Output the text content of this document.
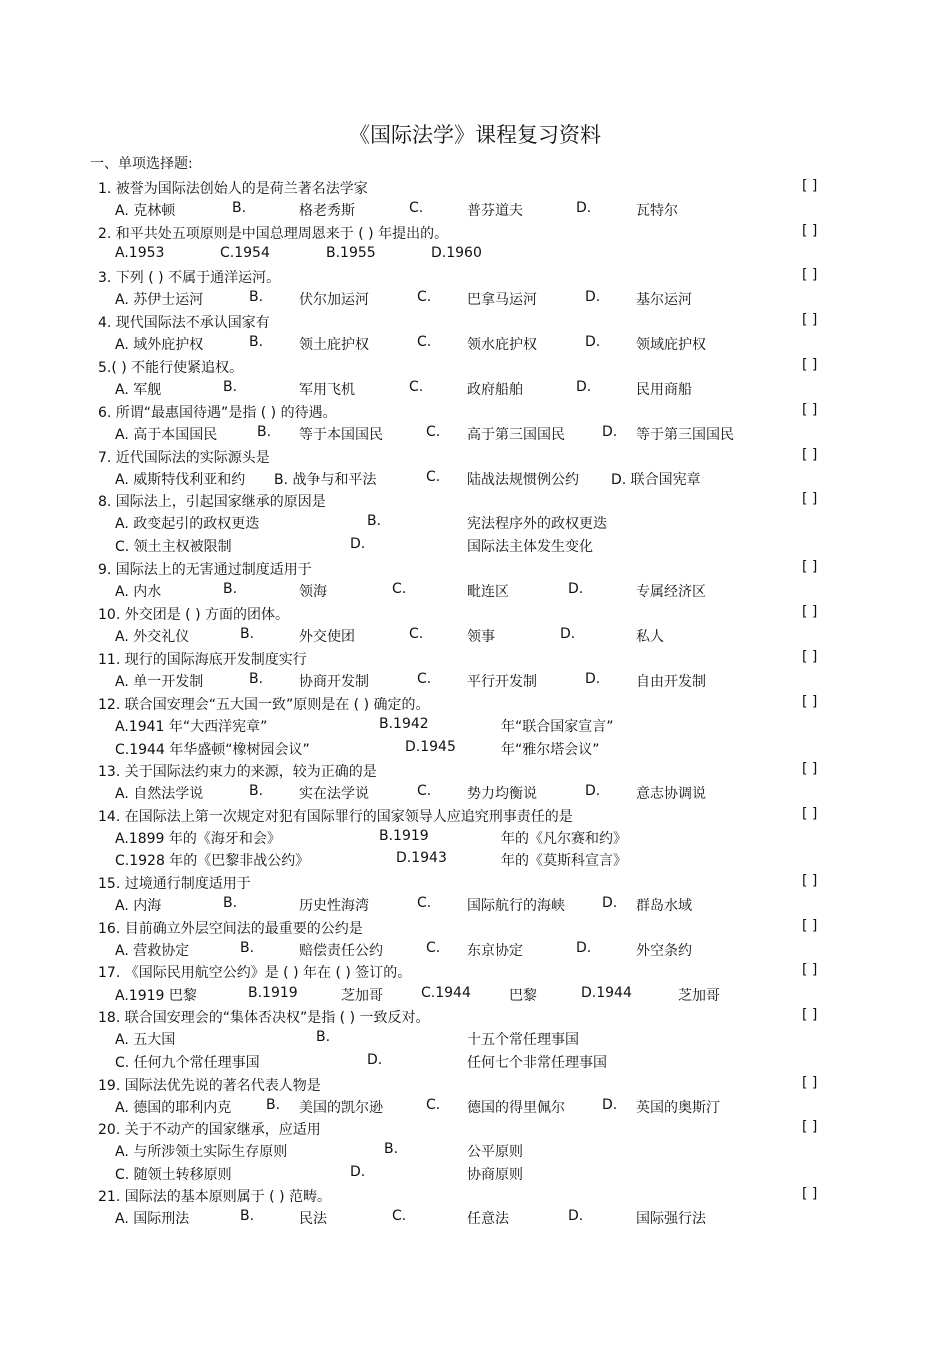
《国际法学》课程复习资料
一、单项选择题:
1. 被誉为国际法创始人的是荷兰著名法学家	[ ]
A. 克林顿	B.	格老秀斯	C.	普芬道夫	D.	瓦特尔
2. 和平共处五项原则是中国总理周恩来于 ( ) 年提出的。	[ ]
A.1953	C.1954	B.1955	D.1960
3. 下列 ( ) 不属于通洋运河。	[ ]
A. 苏伊士运河	B.	伏尔加运河	C.	巴拿马运河	D.	基尔运河
4. 现代国际法不承认国家有	[ ]
A. 域外庇护权	B.	领土庇护权	C.	领水庇护权	D.	领域庇护权
5.( ) 不能行使紧追权。	[ ]
A. 军舰	B.	军用飞机	C.	政府船舶	D.	民用商船
6. 所谓“最惠国待遇”是指 ( ) 的待遇。	[ ]
A. 高于本国国民	B. 等于本国国民	C. 高于第三国国民	D. 等于第三国国民
7. 近代国际法的实际源头是	[ ]
A. 威斯特伐利亚和约 B. 战争与和平法	C. 陆战法规惯例公约 D. 联合国宪章
8. 国际法上，引起国家继承的原因是	[ ]
A. 政变起引的政权更迭	B.	宪法程序外的政权更迭
C. 领土主权被限制	D.	国际法主体发生变化
9. 国际法上的无害通过制度适用于	[ ]
A. 内水	B.	领海	C.	毗连区	D.	专属经济区
10. 外交团是 ( ) 方面的团体。	[ ]
A. 外交礼仪	B.	外交使团	C.	领事	D.	私人
11. 现行的国际海底开发制度实行	[ ]
A. 单一开发制	B.	协商开发制	C.	平行开发制	D.	自由开发制
12. 联合国安理会“五大国一致”原则是在 ( ) 确定的。	[ ]
A.1941 年“大西洋宪章”	B.1942	年“联合国家宣言”
C.1944 年华盛顿“橡树园会议”	D.1945	年“雅尔塔会议”
13. 关于国际法约束力的来源，较为正确的是	[ ]
A. 自然法学说	B.	实在法学说	C.	势力均衡说	D.	意志协调说
14. 在国际法上第一次规定对犯有国际罪行的国家领导人应追究刑事责任的是	[ ]
A.1899 年的《海牙和会》	B.1919	年的《凡尔赛和约》
C.1928 年的《巴黎非战公约》	D.1943	年的《莫斯科宣言》
15. 过境通行制度适用于	[ ]
A. 内海	B.	历史性海湾	C.	国际航行的海峡	D. 群岛水域
16. 目前确立外层空间法的最重要的公约是	[ ]
A. 营救协定	B.	赔偿责任公约	C. 东京协定	D.	外空条约
17. 《国际民用航空公约》是 ( ) 年在 ( ) 签订的。	[ ]
A.1919 巴黎	B.1919	芝加哥	C.1944	巴黎	D.1944	芝加哥
18. 联合国安理会的“集体否决权”是指 ( ) 一致反对。	[ ]
A. 五大国	B.	十五个常任理事国
C. 任何九个常任理事国	D.	任何七个非常任理事国
19. 国际法优先说的著名代表人物是	[ ]
A. 德国的耶利内克 B. 美国的凯尔逊	C. 德国的得里佩尔	D. 英国的奥斯汀
20. 关于不动产的国家继承，应适用	[ ]
A. 与所涉领土实际生存原则	B.	公平原则
C. 随领土转移原则	D.	协商原则
21. 国际法的基本原则属于 ( ) 范畴。	[ ]
A. 国际刑法	B.	民法	C.	任意法	D.	国际强行法
